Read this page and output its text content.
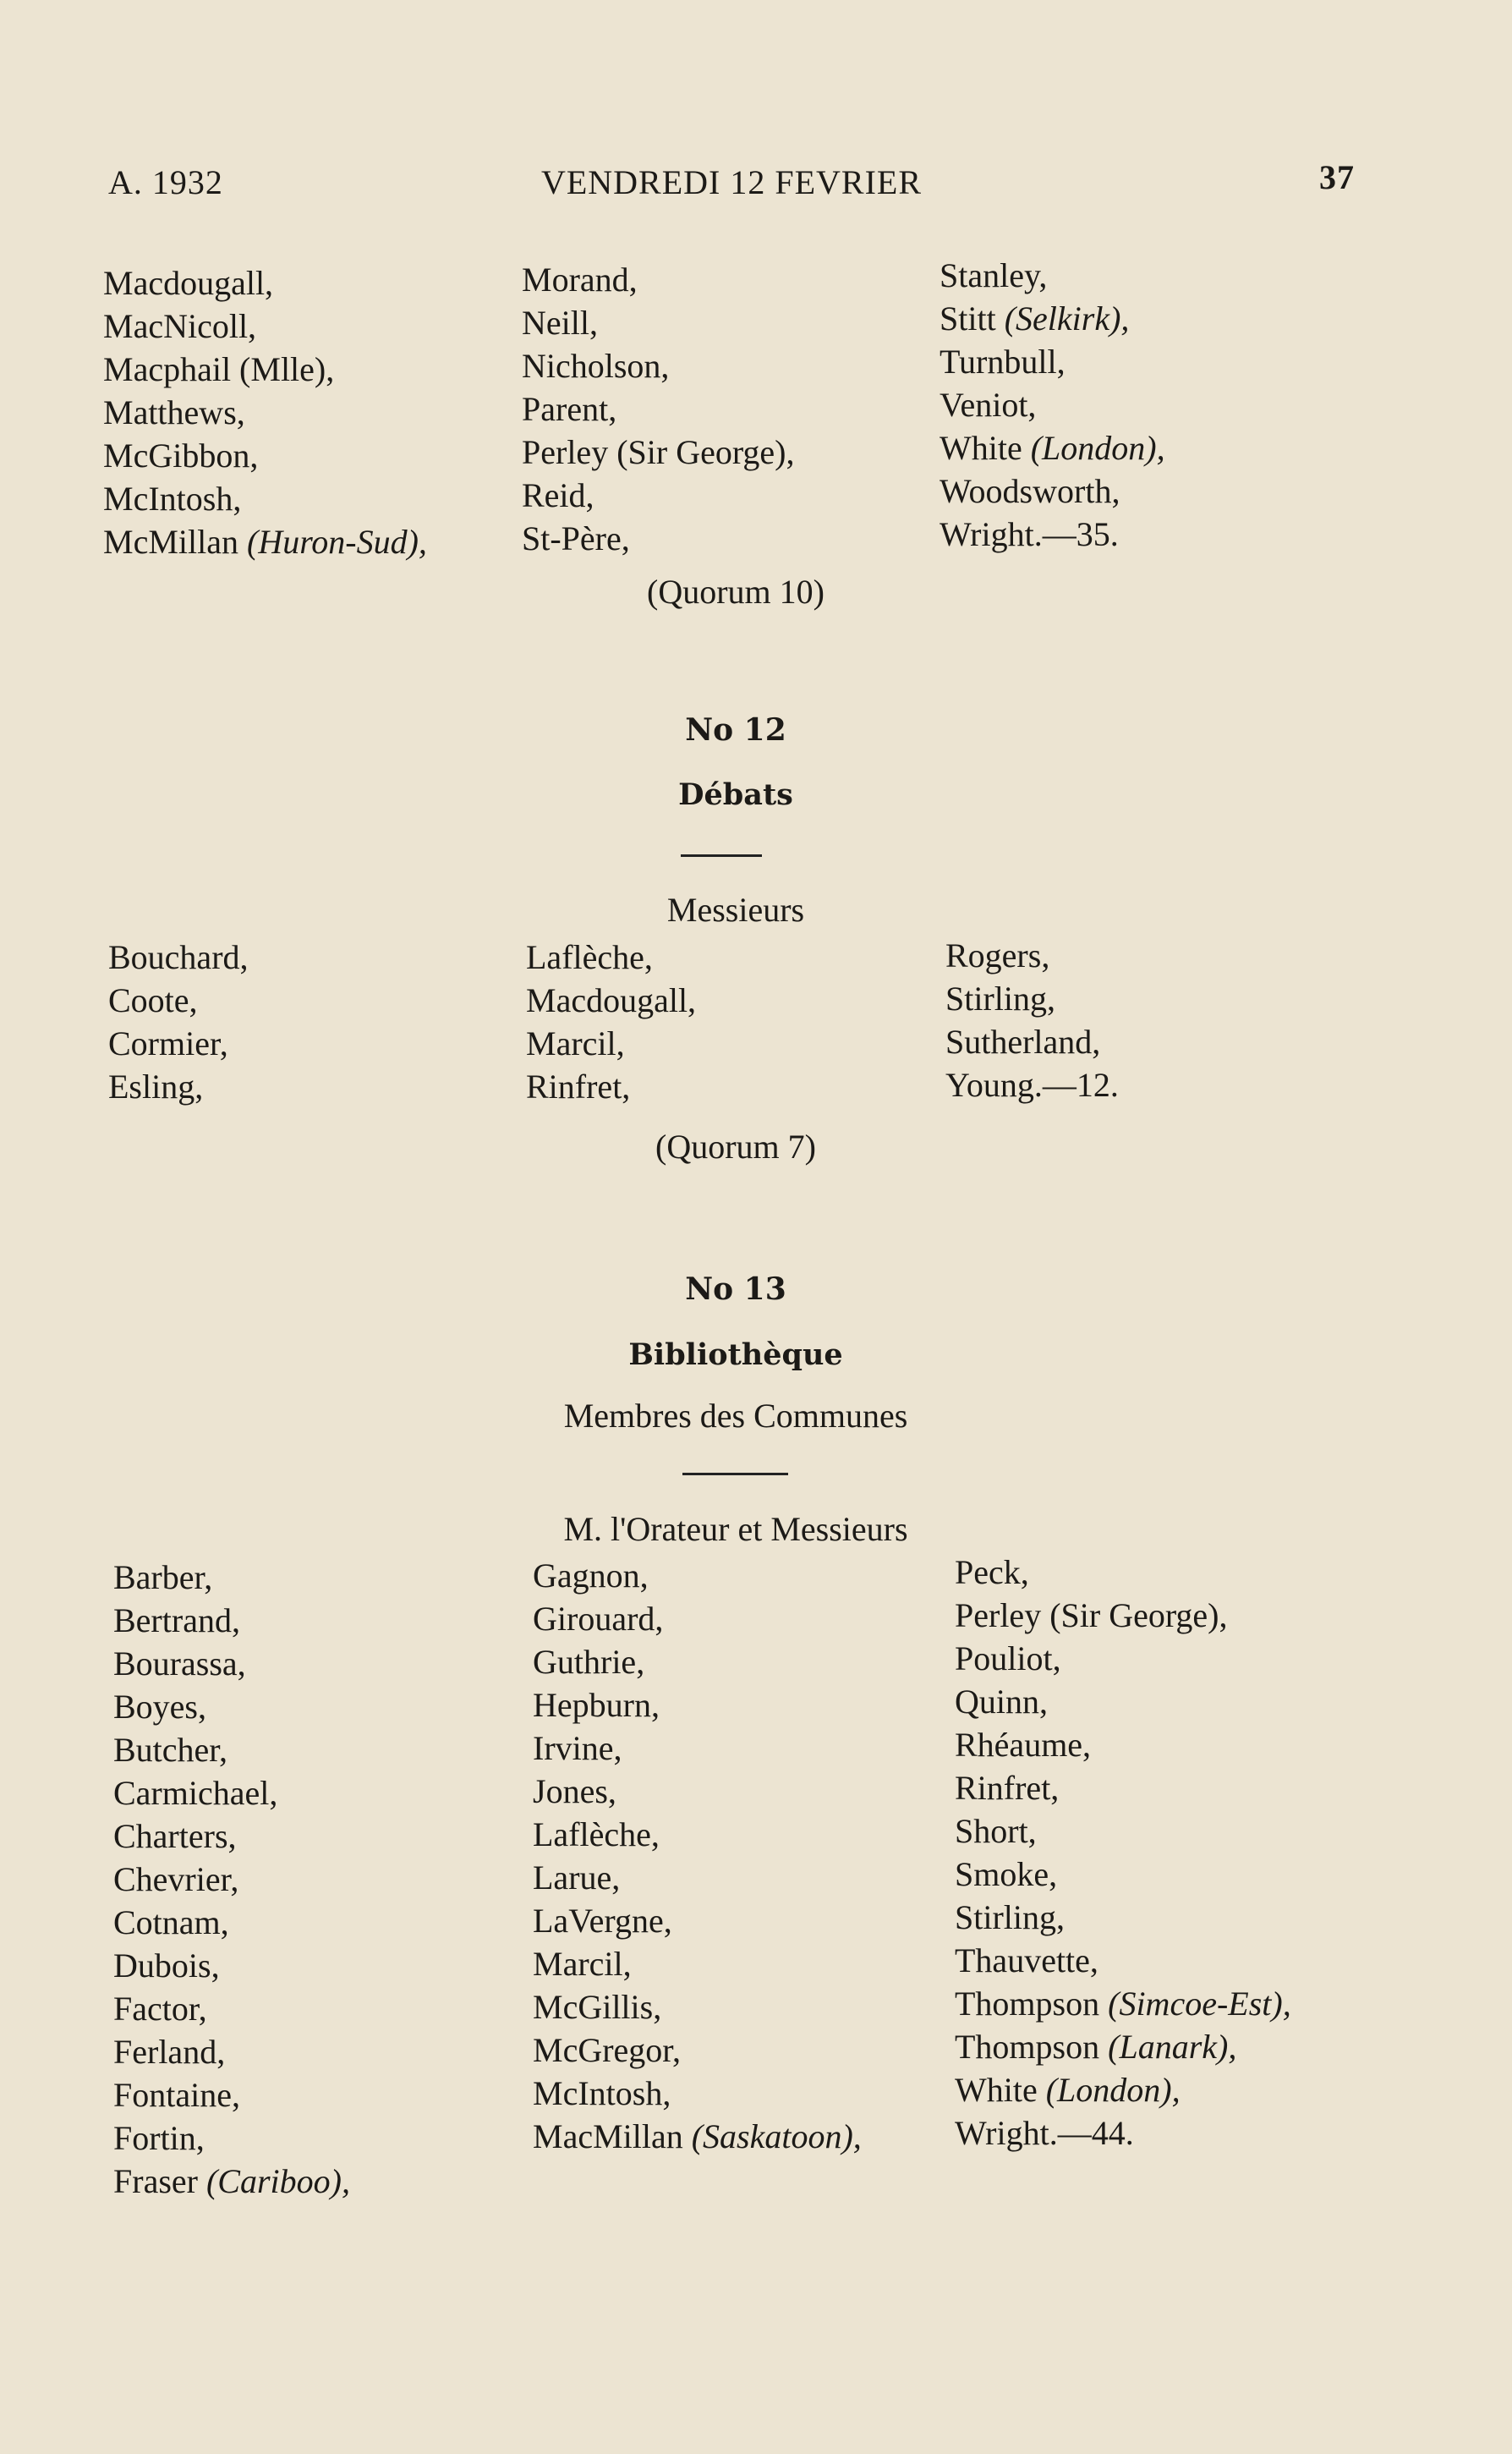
A. 1932	VENDREDI 12 FEVRIER	37
Macdougall,
MacNicoll,
Macphail (Mlle),
Matthews,
McGibbon,
McIntosh,
McMillan (Huron-Sud),
Morand,
Neill,
Nicholson,
Parent,
Perley (Sir George),
Reid,
St-Père,
Stanley,
Stitt (Selkirk),
Turnbull,
Veniot,
White (London),
Woodsworth,
Wright.—35.
(Quorum 10)
No 12
Débats
Messieurs
Bouchard,
Coote,
Cormier,
Esling,
Laflèche,
Macdougall,
Marcil,
Rinfret,
Rogers,
Stirling,
Sutherland,
Young.—12.
(Quorum 7)
No 13
Bibliothèque
Membres des Communes
M. l'Orateur et Messieurs
Barber,
Bertrand,
Bourassa,
Boyes,
Butcher,
Carmichael,
Charters,
Chevrier,
Cotnam,
Dubois,
Factor,
Ferland,
Fontaine,
Fortin,
Fraser (Cariboo),
Gagnon,
Girouard,
Guthrie,
Hepburn,
Irvine,
Jones,
Laflèche,
Larue,
LaVergne,
Marcil,
McGillis,
McGregor,
McIntosh,
MacMillan (Saskatoon),
Peck,
Perley (Sir George),
Pouliot,
Quinn,
Rhéaume,
Rinfret,
Short,
Smoke,
Stirling,
Thauvette,
Thompson (Simcoe-Est),
Thompson (Lanark),
White (London),
Wright.—44.
